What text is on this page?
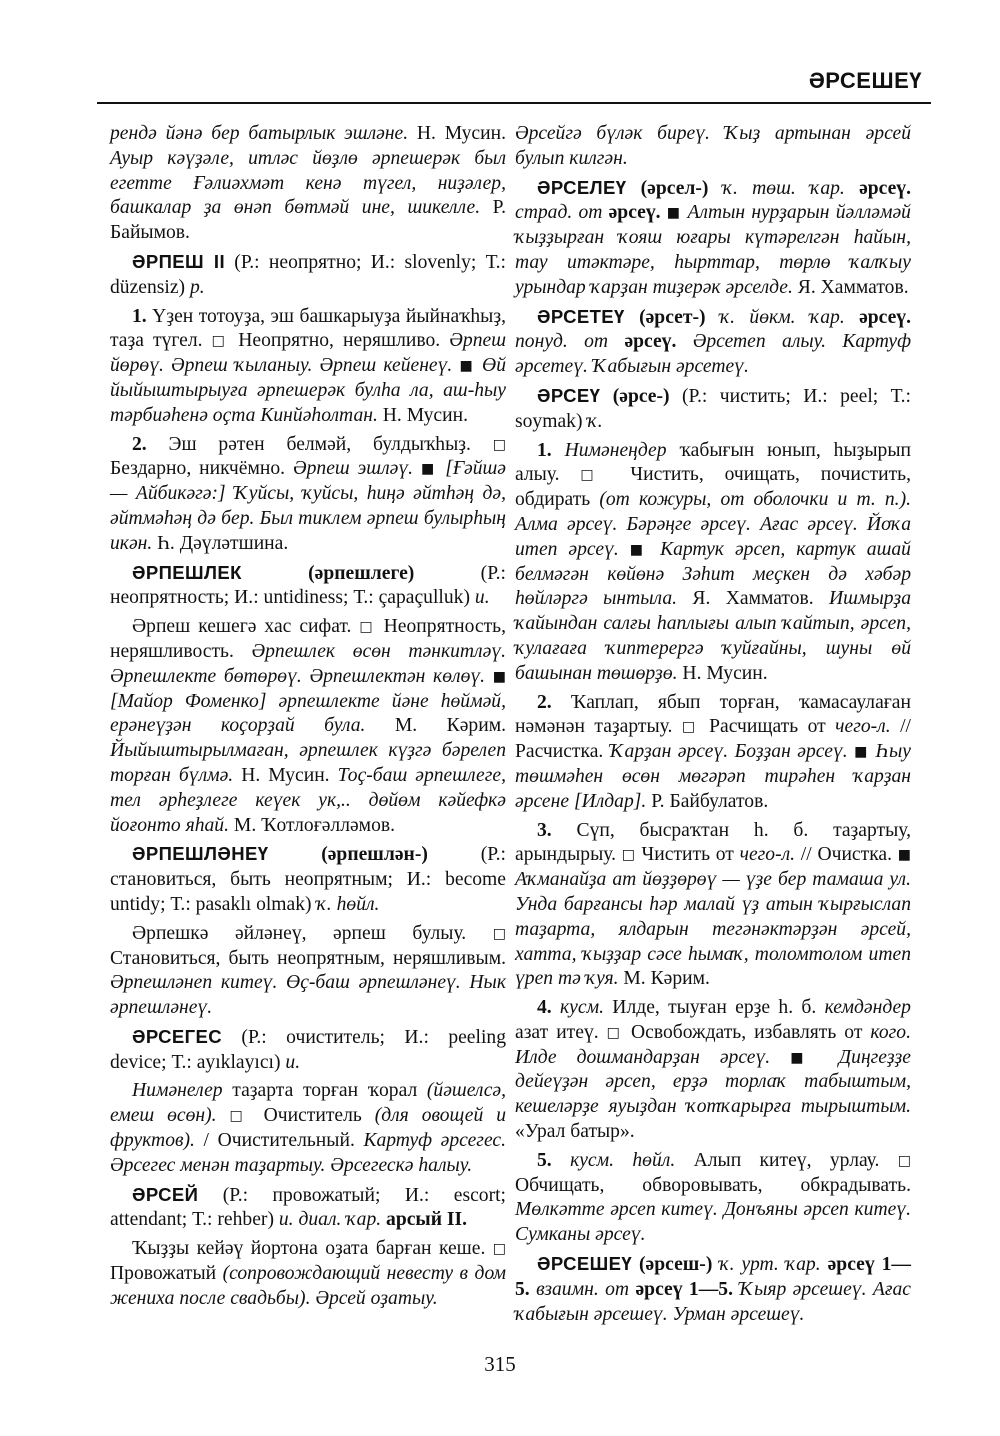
ӘРСЕШЕҮ

рендә йәнә бер батырлык эшләне. Н. Мусин. Ауыр кәүҙәле, итләс йөҙлө әрпешерәк был егетте Ғәлиәхмәт кенә түгел, ниҙәлер, башкалар ҙа өнәп бөтмәй ине, шикелле. Р. Байымов.

ӘРПЕШ II (Р.: неопрятно; И.: slovenly; Т.: düzensiz) р.

1. Үҙен тотоуҙа, эш башкарыуҙа йыйнаҡhыҙ, таҙа түгел. □ Неопрятно, неряшливо. Әрпеш йөрөү. Әрпеш ҡыланыу. Әрпеш кейенеү. ■ Өй йыйыштырыуға әрпешерәк булһа ла, аш-һыу тәрбиәһенә оҫта Кинйәһолтан. Н. Мусин.

2. Эш рәтен белмәй, булдыҡһыҙ. □ Бездарно, никчёмно. Әрпеш эшләү. ■ [Ғәйшә — Айбикәгә:] Ҡуйсы, ҡуйсы, һиңә әйтһәң дә, әйтмәһәң дә бер. Был тиклем әрпеш булырһың икән. Һ. Дәүләтшина.

ӘРПЕШЛЕК (әрпешлеге) (Р.: неопрятность; И.: untidiness; Т.: çapaçulluk) и.

Әрпеш кешегә хас сифат. □ Неопрятность, неряшливость. Әрпешлек өсөн тәнкитләү. Әрпешлекте бөтөрөү. Әрпешлектән көлөү. ■ [Майор Фоменко] әрпешлекте йәне һөймәй, ерәнеүҙән коҫорҙай була. М. Кәрим. Йыйыштырылмаған, әрпешлек күҙгә бәрелеп торған бүлмә. Н. Мусин. Тоҫ-баш әрпешлеге, тел әрһеҙлеге кеүек ук,.. дөйөм кәйефкә йоғонто яһай. М. Ҡотлоғәлләмов.

ӘРПЕШЛӘНЕҮ (әрпешлән-) (Р.: становиться, быть неопрятным; И.: become untidy; Т.: pasaklı olmak) ҡ. һөйл.

Әрпешкә әйләнеү, әрпеш булыу. □ Становиться, быть неопрятным, неряшливым. Әрпешләнеп китеү. Өҫ-баш әрпешләнеү. Нык әрпешләнеү.

ӘРСЕГЕС (Р.: очиститель; И.: peeling device; Т.: ayıklayıcı) и.

Нимәнелер таҙарта торған ҡорал (йәшелсә, емеш өсөн). □ Очиститель (для овощей и фруктов). / Очистительный. Картуф әрсегес. Әрсегес менән таҙартыу. Әрсегескә һалыу.

ӘРСЕЙ (Р.: провожатый; И.: escort; attendant; Т.: rehber) и. диал. ҡар. арсый II.

Ҡыҙҙы кейәү йортона оҙата барған кеше. □ Провожатый (сопровождающий невесту в дом жениха после свадьбы). Әрсей оҙатыу.

Әрсейгә бүләк биреү. Ҡыҙ артынан әрсей булып килгән.

ӘРСЕЛЕҮ (әрсел-) ҡ. төш. ҡар. әрсеү. страд. от әрсеү. ■ Алтын нурҙарын йәлләмәй ҡыҙҙырған ҡояш юғары күтәрелгән һайын, тау итәктәре, һырттар, төрлө ҡалҡыу урындар ҡарҙан тиҙерәк әрселде. Я. Хамматов.

ӘРСЕТЕҮ (әрсет-) ҡ. йөкм. ҡар. әрсеү. понуд. от әрсеү. Әрсетеп алыу. Картуф әрсетеү. Ҡабығын әрсетеү.

ӘРСЕҮ (әрсе-) (Р.: чистить; И.: peel; Т.: soymak) ҡ.

1. Нимәнеңдер ҡабығын юнып, һыҙырып алыу. □ Чистить, очищать, почистить, обдирать (от кожуры, от оболочки и т. п.). Алма әрсеү. Бәрәңге әрсеү. Ағас әрсеү. Йоҡа итеп әрсеү. ■ Картук әрсеп, картук ашай белмәгән көйөнә Зәһит меҫкен дә хәбәр һөйләргә ынтыла. Я. Хамматов. Ишмырҙа ҡайындан салғы һаплығы алып ҡайтып, әрсеп, ҡулағаға ҡиптерергә ҡуйғайны, шуны өй башынан төшөрҙө. Н. Мусин.

2. Ҡаплап, ябып торған, ҡамасаулаған нәмәнән таҙартыу. □ Расчищать от чего-л. // Расчистка. Ҡарҙан әрсеү. Боҙҙан әрсеү. ■ Һыу төшмәһен өсөн мөгәрәп тирәһен ҡарҙан әрсене [Илдар]. Р. Байбулатов.

3. Сүп, бысраҡтан һ. б. таҙартыу, арындырыу. □ Чистить от чего-л. // Очистка. ■ Аҡманайҙа ат йөҙҙөрөү — үҙе бер тамаша ул. Унда барғансы һәр малай үҙ атын ҡырғыслап таҙарта, ялдарын тегәнәктәрҙән әрсей, хатта, ҡыҙҙар сәсе һымаҡ, толомтолом итеп үреп тә ҡуя. М. Кәрим.

4. кусм. Илде, тыуған ерҙе һ. б. кемдәндер азат итеү. □ Освобождать, избавлять от кого. Илде дошмандарҙан әрсеү. ■ Диңгеҙҙе дейеүҙән әрсеп, ерҙә торлаҡ табыштым, кешеләрҙе яуыҙдан ҡотҡарырға тырыштым. «Урал батыр».

5. кусм. һөйл. Алып китеү, урлау. □ Обчищать, обворовывать, обкрадывать. Мөлкәтте әрсеп китеү. Донъяны әрсеп китеү. Сумканы әрсеү.

ӘРСЕШЕҮ (әрсеш-) ҡ. урт. ҡар. әрсеү 1—5. взаимн. от әрсеү 1—5. Ҡыяр әрсешеү. Ағас ҡабығын әрсешеү. Урман әрсешеү.

315
